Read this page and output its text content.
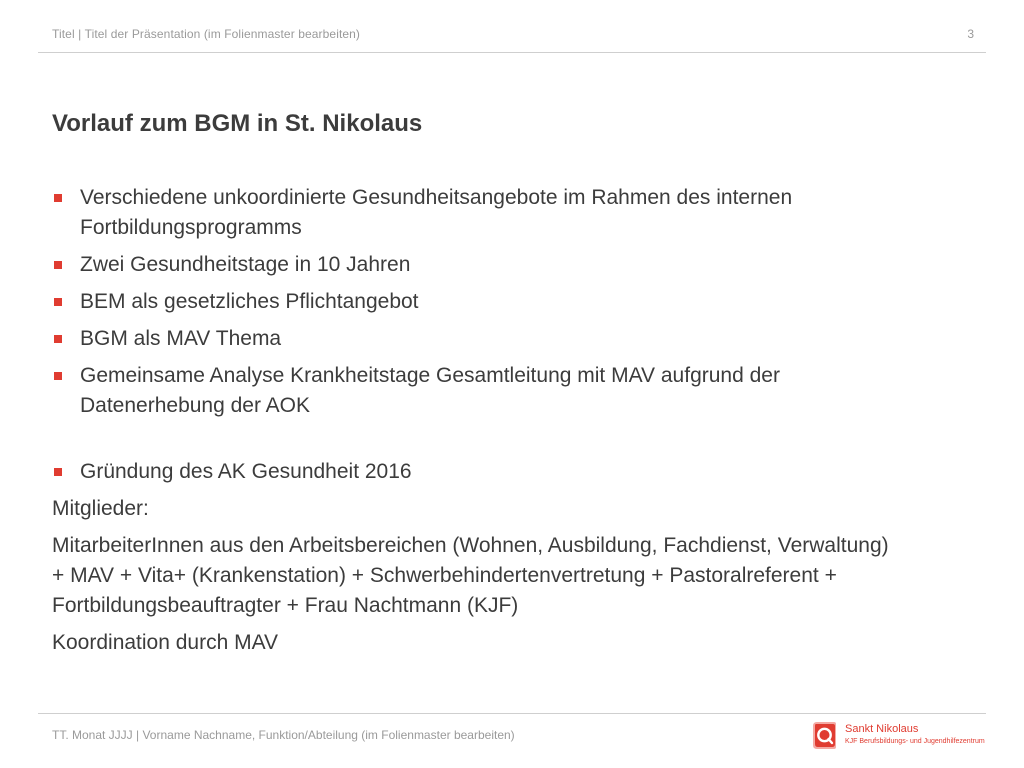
Titel | Titel der Präsentation (im Folienmaster bearbeiten)	3
Vorlauf zum BGM in St. Nikolaus
Verschiedene unkoordinierte Gesundheitsangebote im Rahmen des internen Fortbildungsprogramms
Zwei Gesundheitstage in 10 Jahren
BEM als gesetzliches Pflichtangebot
BGM als MAV Thema
Gemeinsame Analyse Krankheitstage Gesamtleitung mit MAV aufgrund der Datenerhebung der AOK
Gründung des AK Gesundheit 2016
Mitglieder:
MitarbeiterInnen aus den Arbeitsbereichen (Wohnen, Ausbildung, Fachdienst, Verwaltung) + MAV + Vita+ (Krankenstation) + Schwerbehindertenvertretung + Pastoralreferent + Fortbildungsbeauftragter + Frau Nachtmann (KJF)
Koordination durch MAV
TT. Monat JJJJ | Vorname Nachname, Funktion/Abteilung (im Folienmaster bearbeiten)	Sankt Nikolaus
KJF Berufsbildungs- und Jugendhilfezentrum
